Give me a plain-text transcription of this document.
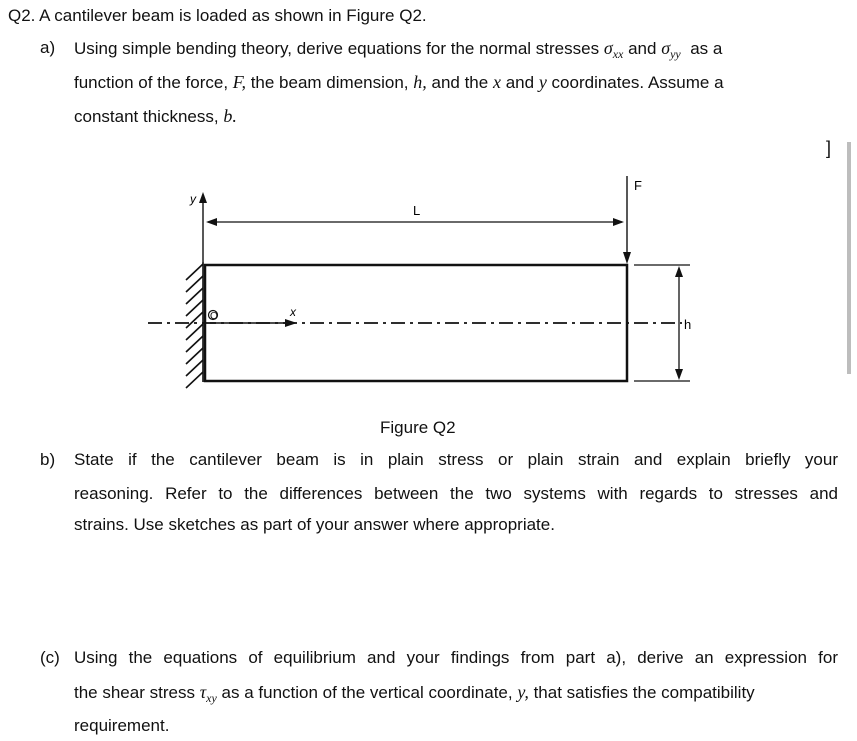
Q2. A cantilever beam is loaded as shown in Figure Q2.
a) Using simple bending theory, derive equations for the normal stresses $\sigma_{xx}$ and $\sigma_{yy}$ as a
function of the force, F, the beam dimension, h, and the x and y coordinates. Assume a
constant thickness, b.
]
y
L
F
O	x
h
Figure Q2
b) State if the cantilever beam is in plain stress or plain strain and explain briefly your
reasoning. Refer to the differences between the two systems with regards to stresses and
strains. Use sketches as part of your answer where appropriate.
(c) Using the equations of equilibrium and your findings from part a), derive an expression for
the shear stress $\tau_{xy}$ as a function of the vertical coordinate, y, that satisfies the compatibility
requirement.
